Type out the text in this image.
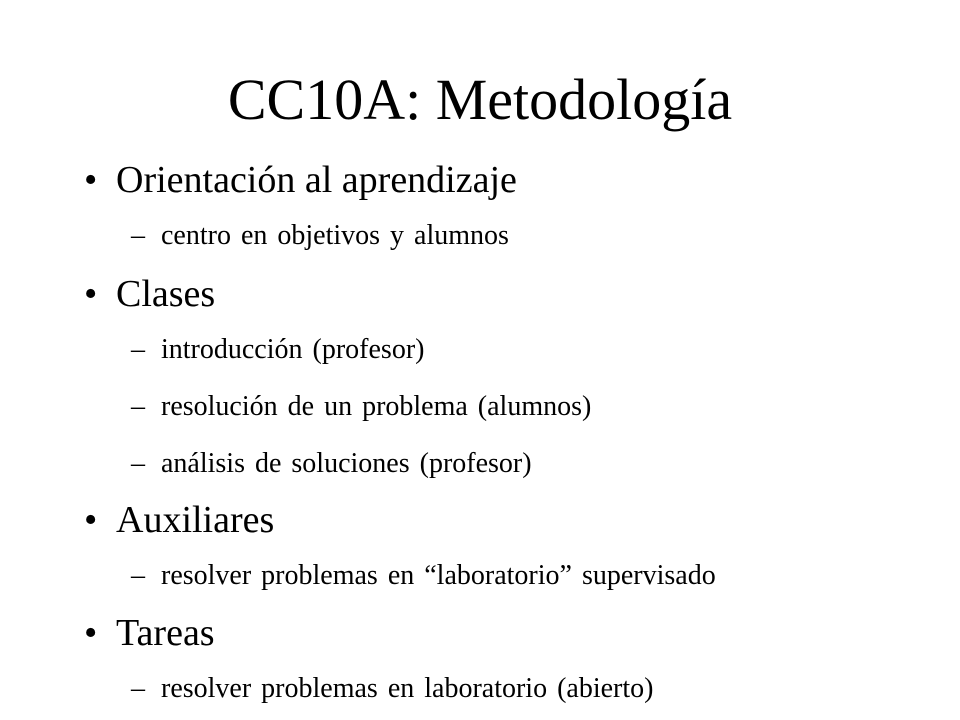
CC10A: Metodología
• Orientación al aprendizaje
– centro en objetivos y alumnos
• Clases
– introducción (profesor)
– resolución de un problema (alumnos)
– análisis de soluciones (profesor)
• Auxiliares
– resolver problemas en “laboratorio” supervisado
• Tareas
– resolver problemas en laboratorio (abierto)
